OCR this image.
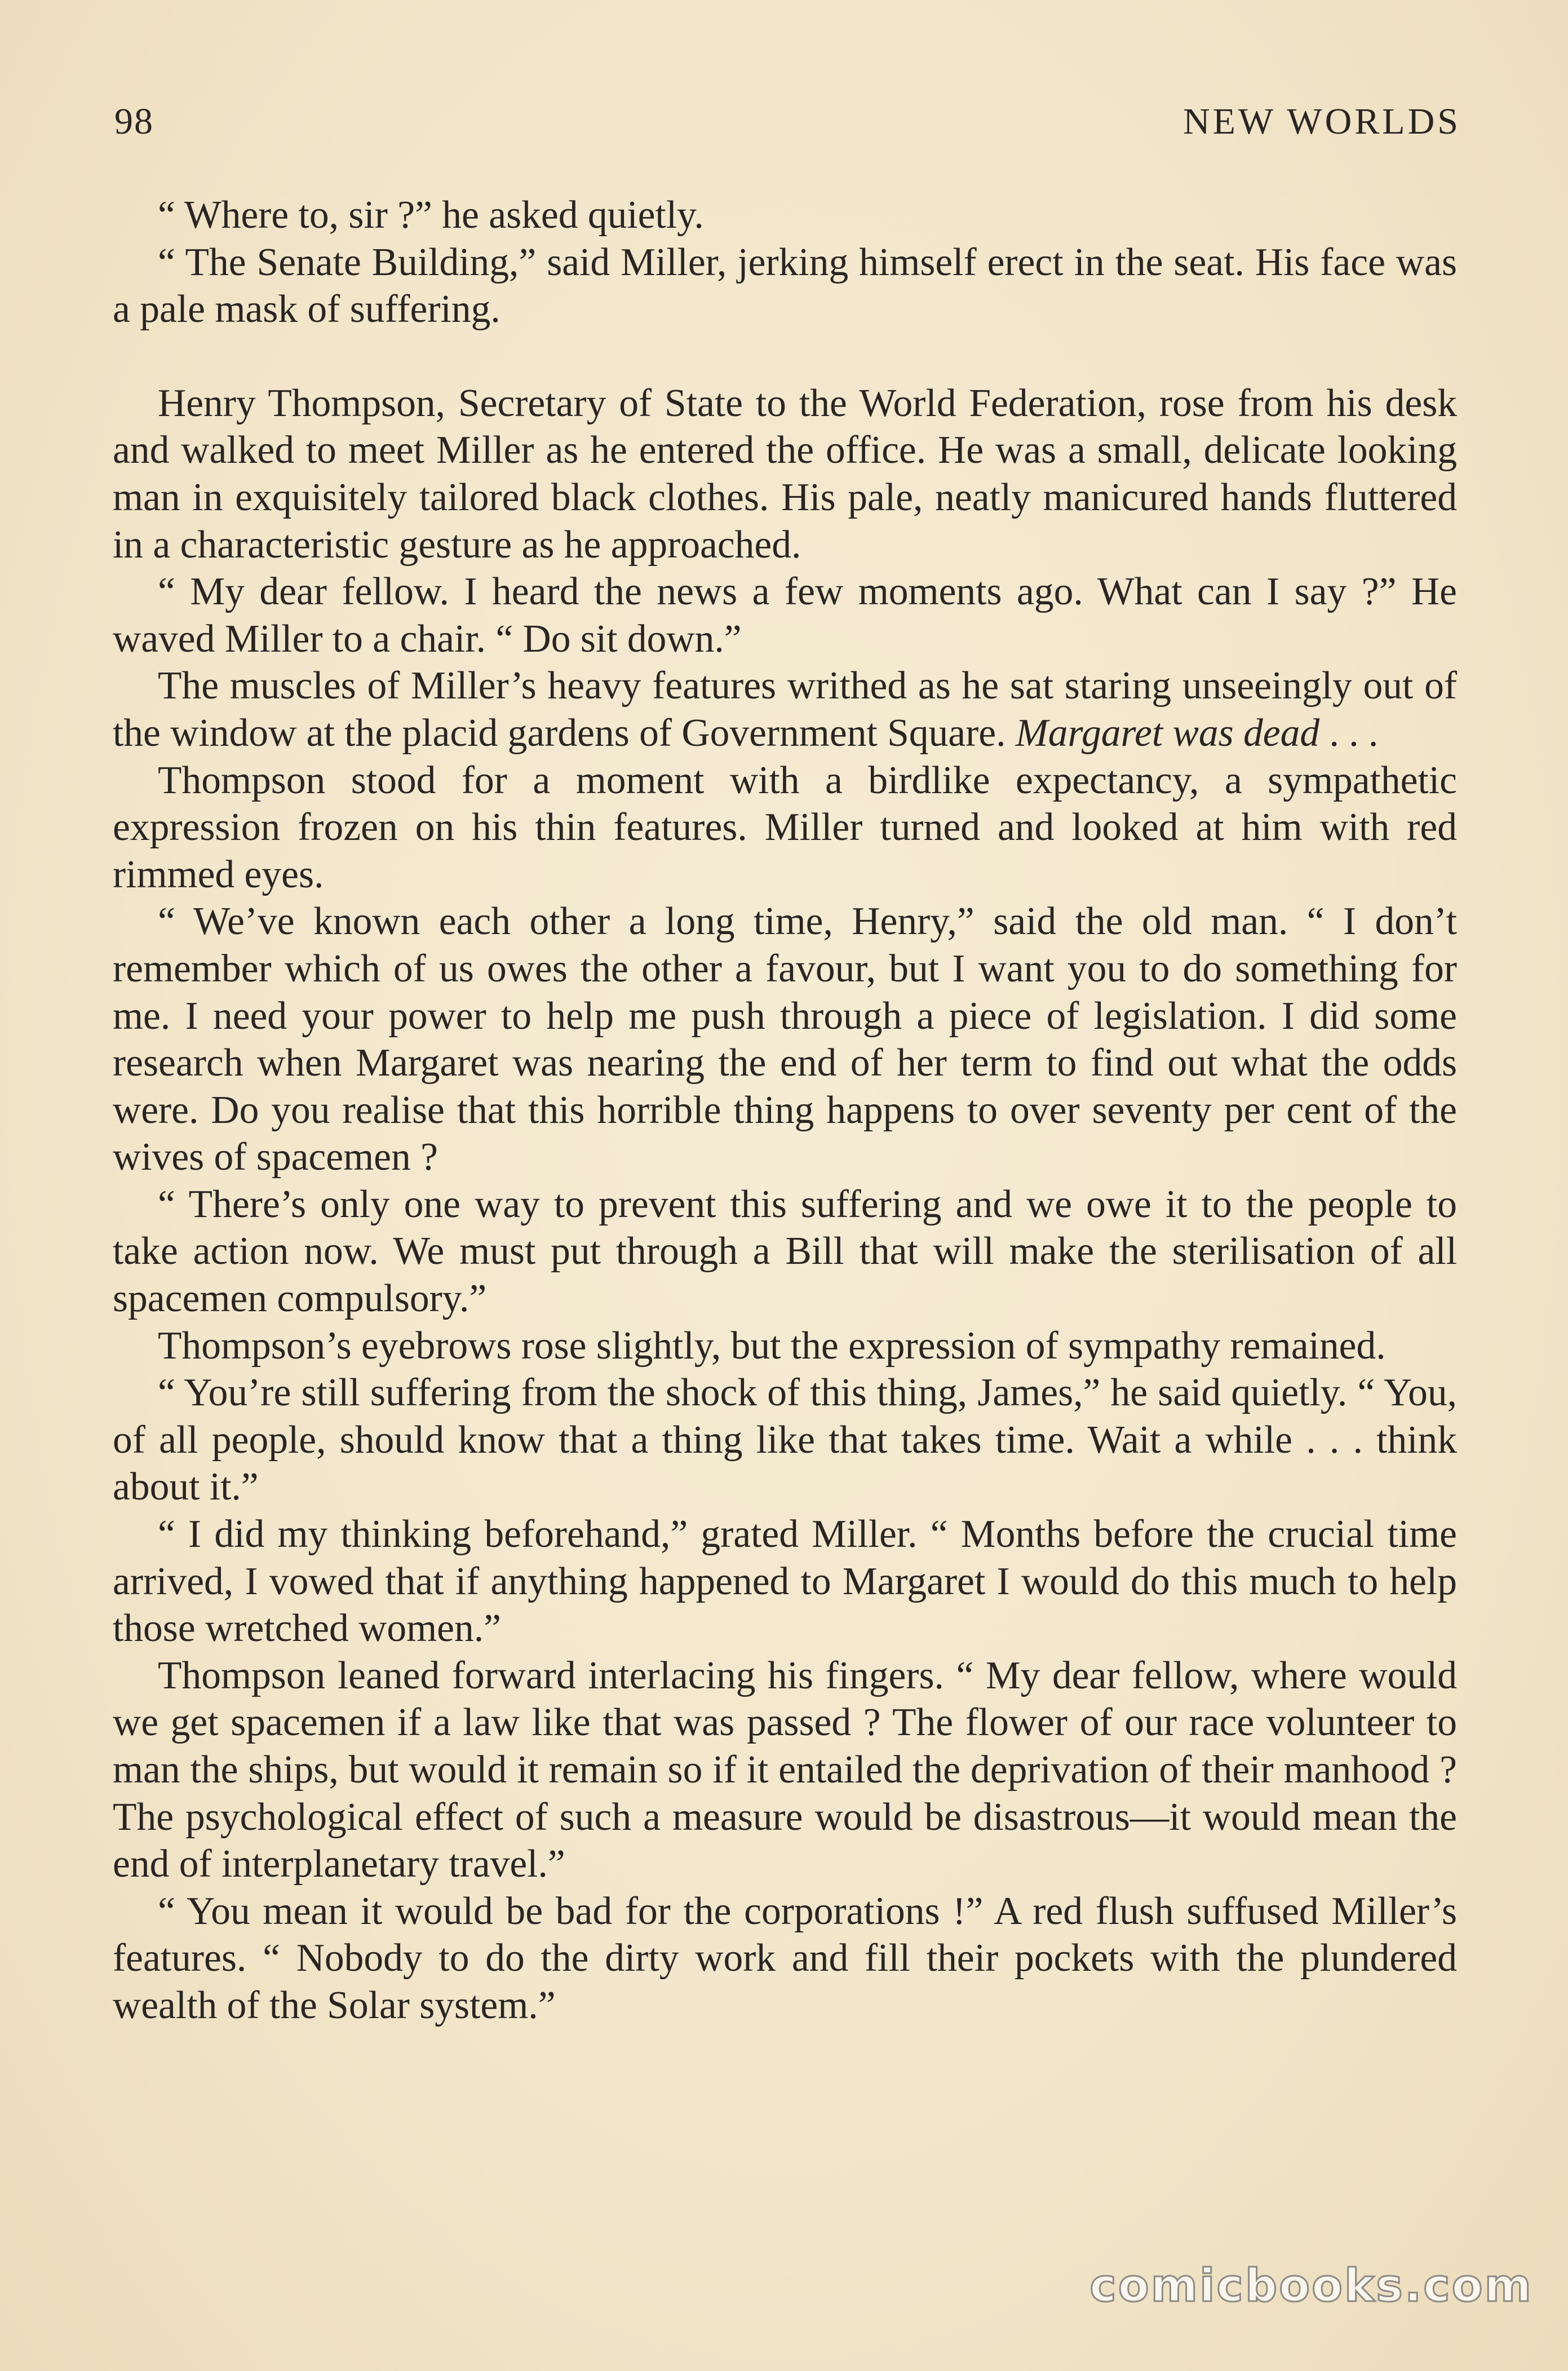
98	NEW WORLDS

“ Where to, sir ?” he asked quietly.

“ The Senate Building,” said Miller, jerking himself erect in the seat. His face was a pale mask of suffering.

Henry Thompson, Secretary of State to the World Federation, rose from his desk and walked to meet Miller as he entered the office. He was a small, delicate looking man in exquisitely tailored black clothes. His pale, neatly manicured hands fluttered in a characteristic gesture as he approached.

“ My dear fellow. I heard the news a few moments ago. What can I say ?” He waved Miller to a chair. “ Do sit down.”

The muscles of Miller’s heavy features writhed as he sat staring unseeingly out of the window at the placid gardens of Government Square. Margaret was dead . . .

Thompson stood for a moment with a birdlike expectancy, a sympathetic expression frozen on his thin features. Miller turned and looked at him with red rimmed eyes.

“ We’ve known each other a long time, Henry,” said the old man. “ I don’t remember which of us owes the other a favour, but I want you to do something for me. I need your power to help me push through a piece of legislation. I did some research when Margaret was nearing the end of her term to find out what the odds were. Do you realise that this horrible thing happens to over seventy per cent of the wives of spacemen ?

“ There’s only one way to prevent this suffering and we owe it to the people to take action now. We must put through a Bill that will make the sterilisation of all spacemen compulsory.”

Thompson’s eyebrows rose slightly, but the expression of sympathy remained.

“ You’re still suffering from the shock of this thing, James,” he said quietly. “ You, of all people, should know that a thing like that takes time. Wait a while . . . think about it.”

“ I did my thinking beforehand,” grated Miller. “ Months before the crucial time arrived, I vowed that if anything happened to Margaret I would do this much to help those wretched women.”

Thompson leaned forward interlacing his fingers. “ My dear fellow, where would we get spacemen if a law like that was passed ? The flower of our race volunteer to man the ships, but would it remain so if it entailed the deprivation of their manhood ? The psychological effect of such a measure would be disastrous—it would mean the end of interplanetary travel.”

“ You mean it would be bad for the corporations !” A red flush suffused Miller’s features. “ Nobody to do the dirty work and fill their pockets with the plundered wealth of the Solar system.”

comicbooks.com
